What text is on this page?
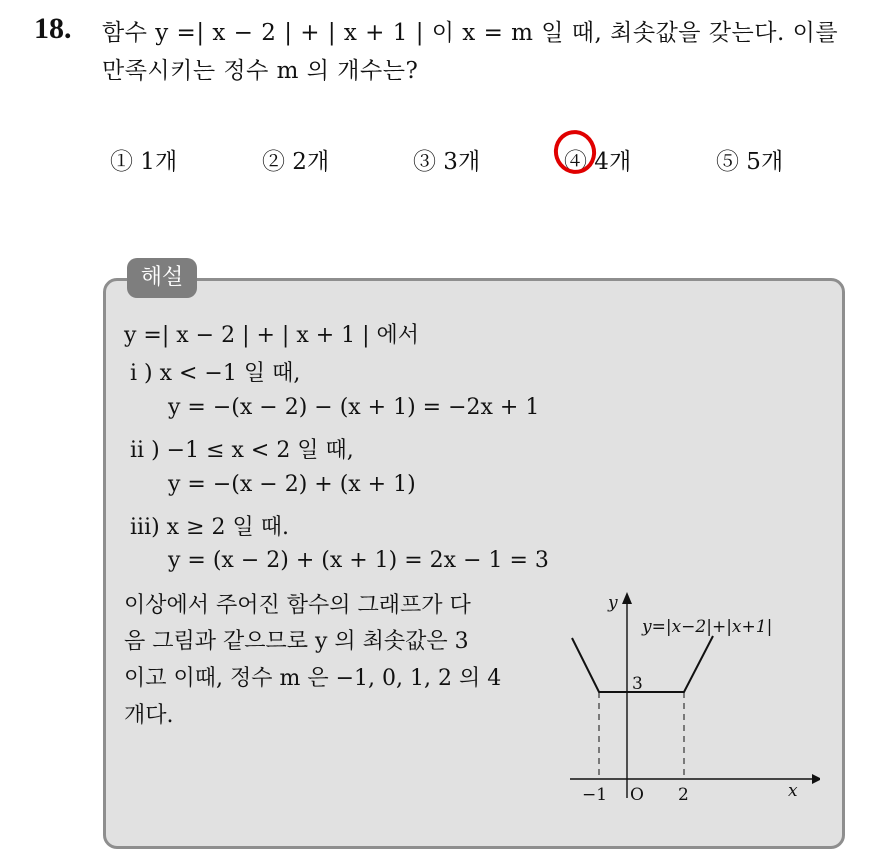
18. 함수 y =| x − 2 | + | x + 1 | 이 x = m 일 때, 최솟값을 갖는다. 이를
만족시키는 정수 m 의 개수는?
① 1개	② 2개	③ 3개	④ 4개	⑤ 5개
해설
y =| x − 2 | + | x + 1 | 에서
i ) x < −1 일 때,
y = −(x − 2) − (x + 1) = −2x + 1
ii ) −1 ≤ x < 2 일 때,
y = −(x − 2) + (x + 1)
iii) x ≥ 2 일 때.
y = (x − 2) + (x + 1) = 2x − 1 = 3
이상에서 주어진 함수의 그래프가 다
음 그림과 같으므로 y 의 최솟값은 3
이고 이때, 정수 m 은 −1, 0, 1, 2 의 4
개다.
y
y=|x−2|+|x+1|
3
−1 O 2	x
